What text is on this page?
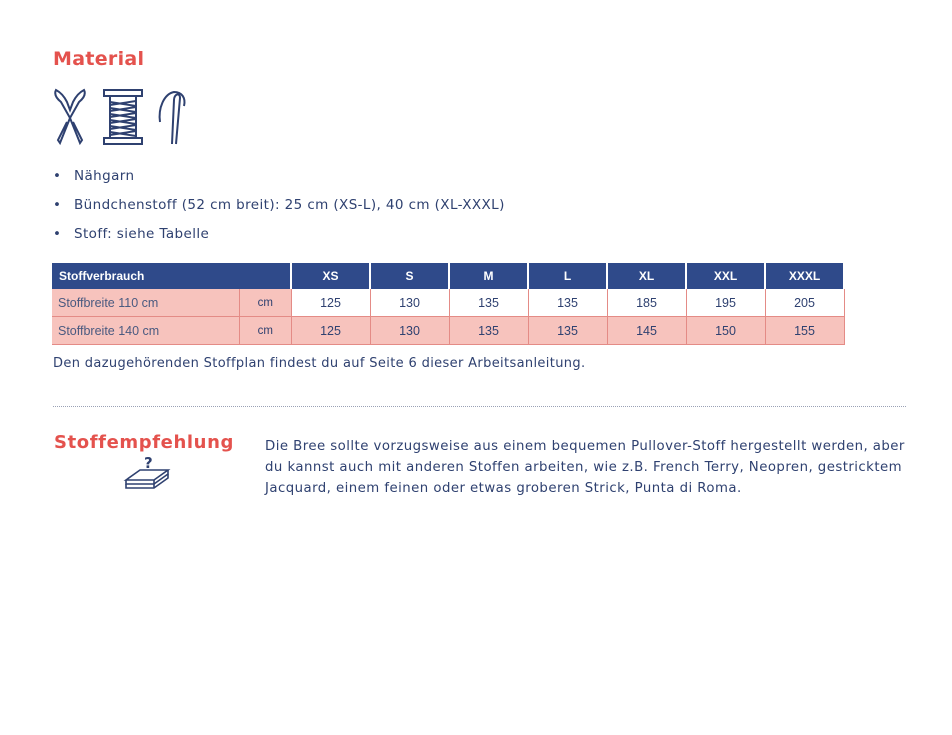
Material
• Nähgarn
• Bündchenstoff (52 cm breit): 25 cm (XS-L), 40 cm (XL-XXXL)
• Stoff: siehe Tabelle
Stoffverbrauch		XS	S	M	L	XL	XXL	XXXL
Stoffbreite 110 cm	cm	125	130	135	135	185	195	205
Stoffbreite 140 cm	cm	125	130	135	135	145	150	155

Den dazugehörenden Stoffplan findest du auf Seite 6 dieser Arbeitsanleitung.

Stoffempfehlung
?

Die Bree sollte vorzugsweise aus einem bequemen Pullover-Stoff hergestellt werden, aber du kannst auch mit anderen Stoffen arbeiten, wie z.B. French Terry, Neopren, gestricktem Jacquard, einem feinen oder etwas groberen Strick, Punta di Roma.
